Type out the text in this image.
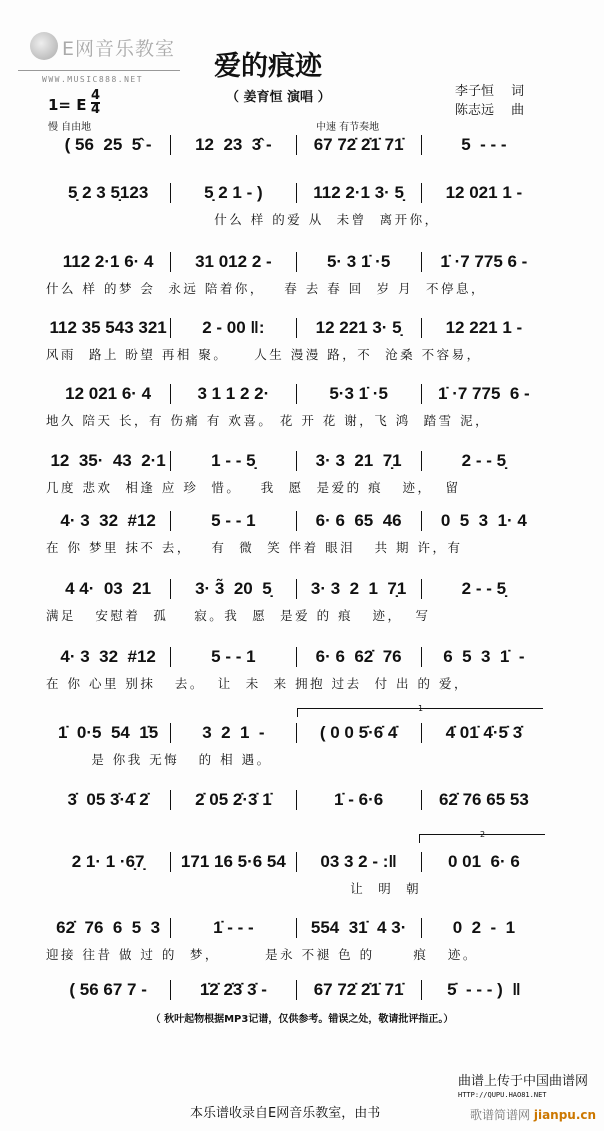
E网音乐教室
WWW.MUSIC888.NET	爱的痕迹
（ 姜育恒 演唱 ）	李子恒　 词
陈志远　 曲
1= E $\frac{4}{4}$
慢 自由地	中速 有节奏地
( 56  25  5̂ -	12  23  3̂ -	67 72̇ 2̇1̇ 71̇	5  - - -
5̣ 2 3 5̣123	5̣ 2 1 - )	112 2·1 3· 5̣	12 021 1 -
什么 样 的爱 从  未曾  离开你，
112 2·1 6· 4	31 012 2 -	5· 3 1̇ ·5	1̇ ·7 775 6 -
什么 样 的梦 会  永远 陪着你，   春 去 春 回  岁 月  不停息，
112 35 543 321	2 - 00 ‖:	12 221 3· 5̣	12 221 1 -
风雨  路上 盼望 再相 聚。    人生 漫漫 路，不  沧桑 不容易，
12 021 6· 4	3 1 1 2 2·	5·3 1̇ ·5	1̇ ·7 775  6 -
地久 陪天 长，有 伤痛 有 欢喜。 花 开 花 谢，飞 鸿  踏雪 泥，
12  35·  43  2·1	1 - - 5̣	3· 3  21  7̣1	2 - - 5̣
几度 悲欢  相逢 应 珍  惜。   我  愿  是爱的 痕   迹，  留
4· 3  32  #12	5 - - 1	6· 6  65  46	0  5  3  1· 4
在 你 梦里 抹不 去，   有  微  笑 伴着 眼泪   共 期 许，有
4 4·  03  21	3· 3̃  20  5̣	3· 3  2  1  7̣1	2 - - 5̣
满足   安慰着  孤    寂。我  愿  是爱 的 痕   迹，  写
4· 3  32  #12	5 - - 1	6· 6  62̇  76	6  5  3  1̇  -
在 你 心里 别抹   去。  让  未  来 拥抱 过去  付 出 的 爱，
1̇  0·5  54  1̇5	3  2  1  -	( 0 0 5̇·6̇ 4̇	4̇ 01̇ 4̇·5̇ 3̇
是 你我 无悔   的 相 遇。
3̇  05 3̇·4̇ 2̇	2̇ 05 2̇·3̇ 1̇	1̇ - 6·6	62̇ 76 65 53
2 1· 1 ·6̣7̣	171 16 5·6 54	03 3 2 - :‖	0 01  6· 6
让  明  朝
62̇  76  6  5  3	1̇ - - -	554  31̇  4 3·	0  2  -  1
迎接 往昔 做 过 的  梦，       是永 不褪 色 的      痕   迹。
( 56 67 7 -	1̇2̇ 2̇3̇ 3̇ -	67 72̇ 2̇1̇ 71̇	5̇  - - - )  ‖
1
2
（ 秋叶起物根据MP3记谱，仅供参考。错误之处，敬请批评指正。）
曲谱上传于中国曲谱网
HTTP://QUPU.HAO81.NET
本乐谱收录自E网音乐教室，由书	歌谱简谱网 jianpu.cn
